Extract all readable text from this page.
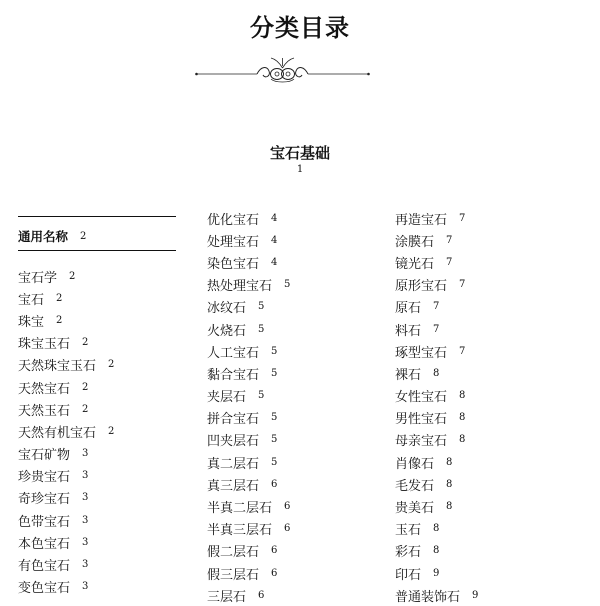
分类目录
宝石基础
1
通用名称 2
宝石学 2
宝石 2
珠宝 2
珠宝玉石 2
天然珠宝玉石 2
天然宝石 2
天然玉石 2
天然有机宝石 2
宝石矿物 3
珍贵宝石 3
奇珍宝石 3
色带宝石 3
本色宝石 3
有色宝石 3
变色宝石 3
优化宝石 4
处理宝石 4
染色宝石 4
热处理宝石 5
冰纹石 5
火烧石 5
人工宝石 5
黏合宝石 5
夹层石 5
拼合宝石 5
凹夹层石 5
真二层石 5
真三层石 6
半真二层石 6
半真三层石 6
假二层石 6
假三层石 6
三层石 6
再造宝石 7
涂膜石 7
镜光石 7
原形宝石 7
原石 7
料石 7
琢型宝石 7
裸石 8
女性宝石 8
男性宝石 8
母亲宝石 8
肖像石 8
毛发石 8
贵美石 8
玉石 8
彩石 8
印石 9
普通装饰石 9
